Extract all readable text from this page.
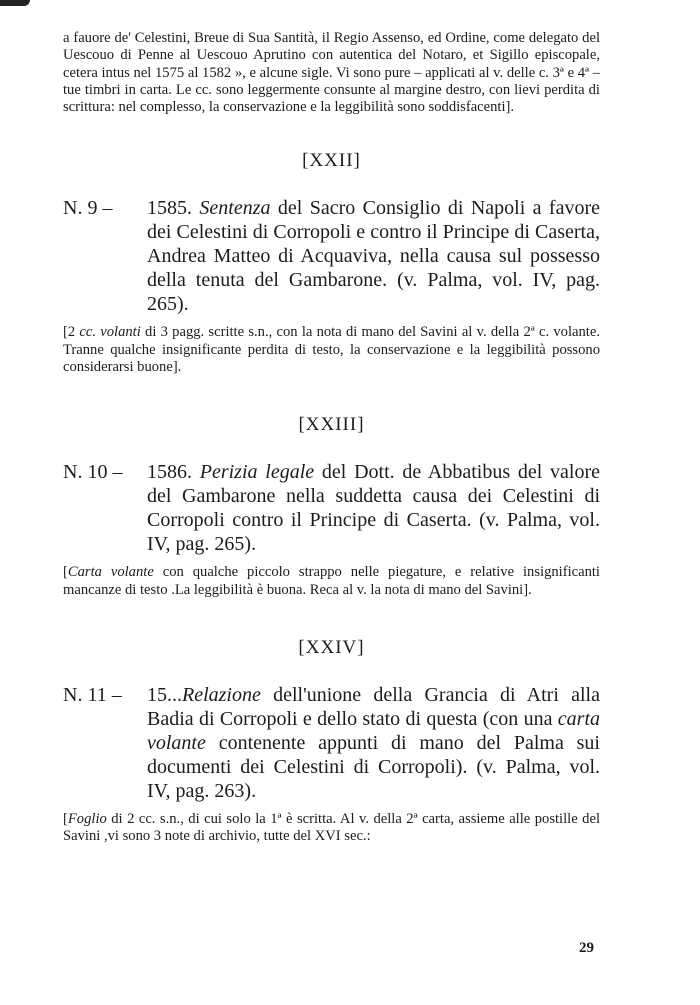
a fauore de' Celestini, Breue di Sua Santità, il Regio Assenso, ed Ordine, come delegato del Uescouo di Penne al Uescouo Aprutino con autentica del Notaro, et Sigillo episcopale, cetera intus nel 1575 al 1582 », e alcune sigle. Vi sono pure – applicati al v. delle c. 3ª e 4ª – tue timbri in carta. Le cc. sono leggermente consunte al margine destro, con lievi perdita di scrittura: nel complesso, la conservazione e la leggibilità sono soddisfacenti].

[XXII]

N. 9 –	1585. Sentenza del Sacro Consiglio di Napoli a favore dei Celestini di Corropoli e contro il Principe di Caserta, Andrea Matteo di Acquaviva, nella causa sul possesso della tenuta del Gambarone. (v. Palma, vol. IV, pag. 265).

[2 cc. volanti di 3 pagg. scritte s.n., con la nota di mano del Savini al v. della 2ª c. volante. Tranne qualche insignificante perdita di testo, la conservazione e la leggibilità possono considerarsi buone].

[XXIII]

N. 10 –	1586. Perizia legale del Dott. de Abbatibus del valore del Gambarone nella suddetta causa dei Celestini di Corropoli contro il Principe di Caserta. (v. Palma, vol. IV, pag. 265).

[Carta volante con qualche piccolo strappo nelle piegature, e relative insignificanti mancanze di testo .La leggibilità è buona. Reca al v. la nota di mano del Savini].

[XXIV]

N. 11 –	15...Relazione dell'unione della Grancia di Atri alla Badia di Corropoli e dello stato di questa (con una carta volante contenente appunti di mano del Palma sui documenti dei Celestini di Corropoli). (v. Palma, vol. IV, pag. 263).

[Foglio di 2 cc. s.n., di cui solo la 1ª è scritta. Al v. della 2ª carta, assieme alle postille del Savini ,vi sono 3 note di archivio, tutte del XVI sec.:

29
